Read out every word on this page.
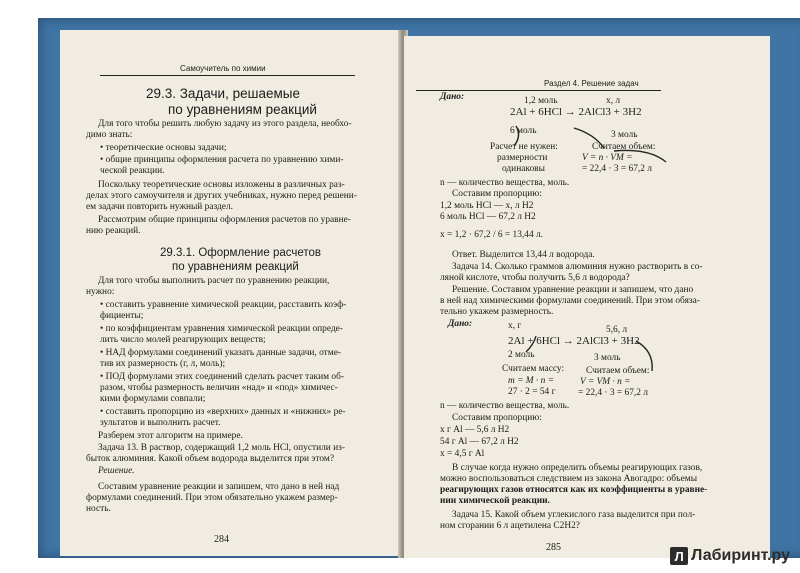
Самоучитель по химии
29.3. Задачи, решаемые
по уравнениям реакций
Для того чтобы решить любую задачу из этого раздела, необхо-
димо знать:
• теоретические основы задачи;
• общие принципы оформления расчета по уравнению хими-
ческой реакции.
Поскольку теоретические основы изложены в различных раз-
делах этого самоучителя и других учебниках, нужно перед решени-
ем задачи повторить нужный раздел.
Рассмотрим общие принципы оформления расчетов по уравне-
нию реакций.
29.3.1. Оформление расчетов
по уравнениям реакций
Для того чтобы выполнить расчет по уравнению реакции,
нужно:
• составить уравнение химической реакции, расставить коэф-
фициенты;
• по коэффициентам уравнения химической реакции опреде-
лить число молей реагирующих веществ;
• НАД формулами соединений указать данные задачи, отме-
тив их размерность (г, л, моль);
• ПОД формулами этих соединений сделать расчет таким об-
разом, чтобы размерность величин «над» и «под» химичес-
кими формулами совпали;
• составить пропорцию из «верхних» данных и «нижних» ре-
зультатов и выполнить расчет.
Разберем этот алгоритм на примере.
Задача 13. В раствор, содержащий 1,2 моль HCl, опустили из-
быток алюминия. Какой объем водорода выделится при этом?
Решение.
Составим уравнение реакции и запишем, что дано в ней над
формулами соединений. При этом обязательно укажем размер-
ность.
284
Раздел 4. Решение задач
Дано:	1,2 моль	x, л
2Al + 6HCl → 2AlCl3 + 3H2
6 моль	3 моль
Расчет не нужен:
размерности
одинаковы
Считаем объем:
V = n · VM =
= 22,4 · 3 = 67,2 л
n — количество вещества, моль.
Составим пропорцию:
1,2 моль HCl — x, л H2
6 моль HCl — 67,2 л H2
x = 1,2 · 67,2 / 6 = 13,44 л.
Ответ. Выделится 13,44 л водорода.
Задача 14. Сколько граммов алюминия нужно растворить в со-
ляной кислоте, чтобы получить 5,6 л водорода?
Решение. Составим уравнение реакции и запишем, что дано
в ней над химическими формулами соединений. При этом обяза-
тельно укажем размерность.
Дано:	x, г	5,6, л
2Al + 6HCl → 2AlCl3 + 3H2
2 моль	3 моль
Считаем массу: Считаем объем:
m = M · n =	V = VM · n =
27 · 2 = 54 г = 22,4 · 3 = 67,2 л
n — количество вещества, моль.
Составим пропорцию:
x г Al — 5,6 л H2
54 г Al — 67,2 л H2
x = 4,5 г Al
В случае когда нужно определить объемы реагирующих газов,
можно воспользоваться следствием из закона Авогадро: объемы
реагирующих газов относятся как их коэффициенты в уравне-
нии химической реакции.
Задача 15. Какой объем углекислого газа выделится при пол-
ном сгорании 6 л ацетилена C2H2?
285
Л Лабиринт.ру
